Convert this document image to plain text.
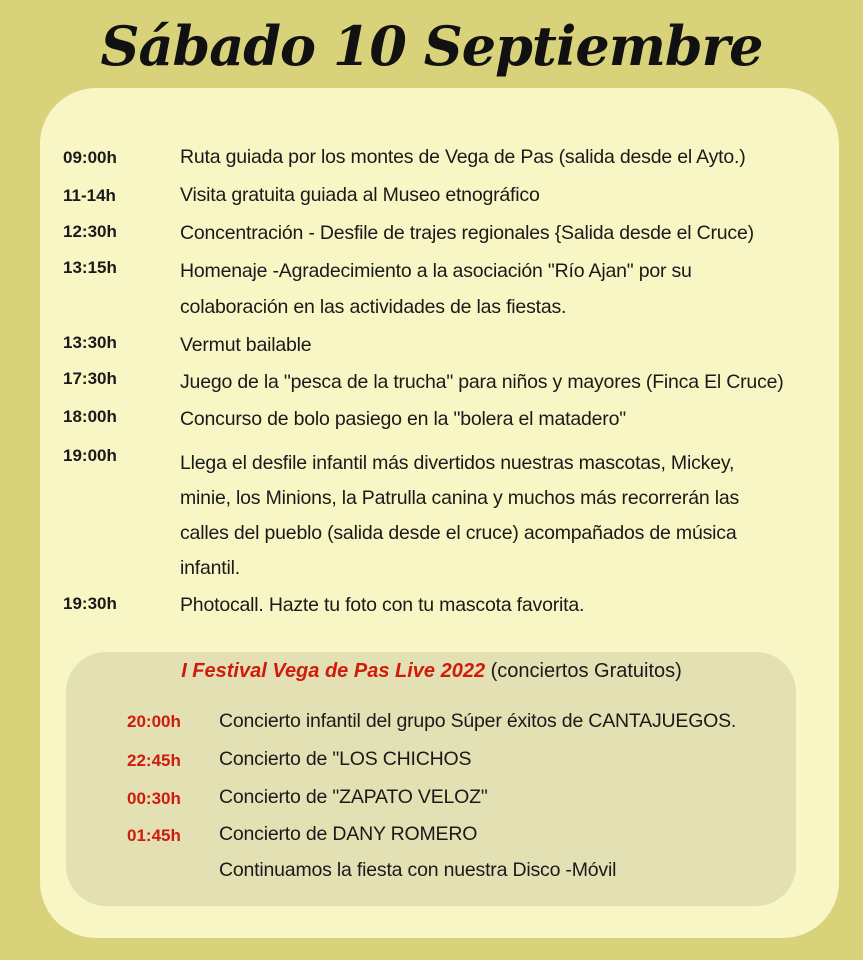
Sábado 10 Septiembre
09:00h	Ruta guiada por los montes de Vega de Pas (salida desde el Ayto.)
11-14h	Visita gratuita guiada al Museo etnográfico
12:30h	Concentración - Desfile de trajes regionales {Salida desde el Cruce)
13:15h	Homenaje -Agradecimiento a la asociación "Río Ajan" por su
colaboración en las actividades de las fiestas.
13:30h	Vermut bailable
17:30h	Juego de la "pesca de la trucha" para niños y mayores (Finca El Cruce)
18:00h	Concurso de bolo pasiego en la "bolera el matadero"
19:00h	Llega el desfile infantil más divertidos nuestras mascotas, Mickey,
minie, los Minions, la Patrulla canina y muchos más recorrerán las
calles del pueblo (salida desde el cruce) acompañados de música
infantil.
19:30h	Photocall. Hazte tu foto con tu mascota favorita.
I Festival Vega de Pas Live 2022 (conciertos Gratuitos)
20:00h	Concierto infantil del grupo Súper éxitos de CANTAJUEGOS.
22:45h	Concierto de "LOS CHICHOS
00:30h	Concierto de "ZAPATO VELOZ"
01:45h	Concierto de DANY ROMERO
Continuamos la fiesta con nuestra Disco -Móvil
